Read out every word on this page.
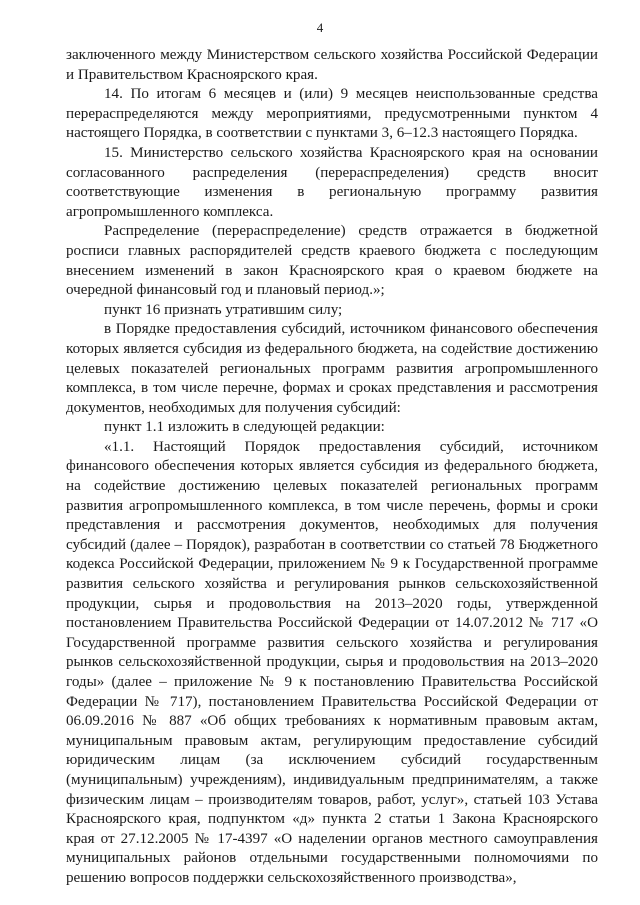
4

заключенного между Министерством сельского хозяйства Российской Федерации и Правительством Красноярского края.

14. По итогам 6 месяцев и (или) 9 месяцев неиспользованные средства перераспределяются между мероприятиями, предусмотренными пунктом 4 настоящего Порядка, в соответствии с пунктами 3, 6–12.3 настоящего Порядка.

15. Министерство сельского хозяйства Красноярского края на основании согласованного распределения (перераспределения) средств вносит соответствующие изменения в региональную программу развития агропромышленного комплекса.

Распределение (перераспределение) средств отражается в бюджетной росписи главных распорядителей средств краевого бюджета с последующим внесением изменений в закон Красноярского края о краевом бюджете на очередной финансовый год и плановый период.»;

пункт 16 признать утратившим силу;

в Порядке предоставления субсидий, источником финансового обеспечения которых является субсидия из федерального бюджета, на содействие достижению целевых показателей региональных программ развития агропромышленного комплекса, в том числе перечне, формах и сроках представления и рассмотрения документов, необходимых для получения субсидий:

пункт 1.1 изложить в следующей редакции:

«1.1. Настоящий Порядок предоставления субсидий, источником финансового обеспечения которых является субсидия из федерального бюджета, на содействие достижению целевых показателей региональных программ развития агропромышленного комплекса, в том числе перечень, формы и сроки представления и рассмотрения документов, необходимых для получения субсидий (далее – Порядок), разработан в соответствии со статьей 78 Бюджетного кодекса Российской Федерации, приложением № 9 к Государственной программе развития сельского хозяйства и регулирования рынков сельскохозяйственной продукции, сырья и продовольствия на 2013–2020 годы, утвержденной постановлением Правительства Российской Федерации от 14.07.2012 № 717 «О Государственной программе развития сельского хозяйства и регулирования рынков сельскохозяйственной продукции, сырья и продовольствия на 2013–2020 годы» (далее – приложение № 9 к постановлению Правительства Российской Федерации № 717), постановлением Правительства Российской Федерации от 06.09.2016 № 887 «Об общих требованиях к нормативным правовым актам, муниципальным правовым актам, регулирующим предоставление субсидий юридическим лицам (за исключением субсидий государственным (муниципальным) учреждениям), индивидуальным предпринимателям, а также физическим лицам – производителям товаров, работ, услуг», статьей 103 Устава Красноярского края, подпунктом «д» пункта 2 статьи 1 Закона Красноярского края от 27.12.2005 № 17-4397 «О наделении органов местного самоуправления муниципальных районов отдельными государственными полномочиями по решению вопросов поддержки сельскохозяйственного производства»,
